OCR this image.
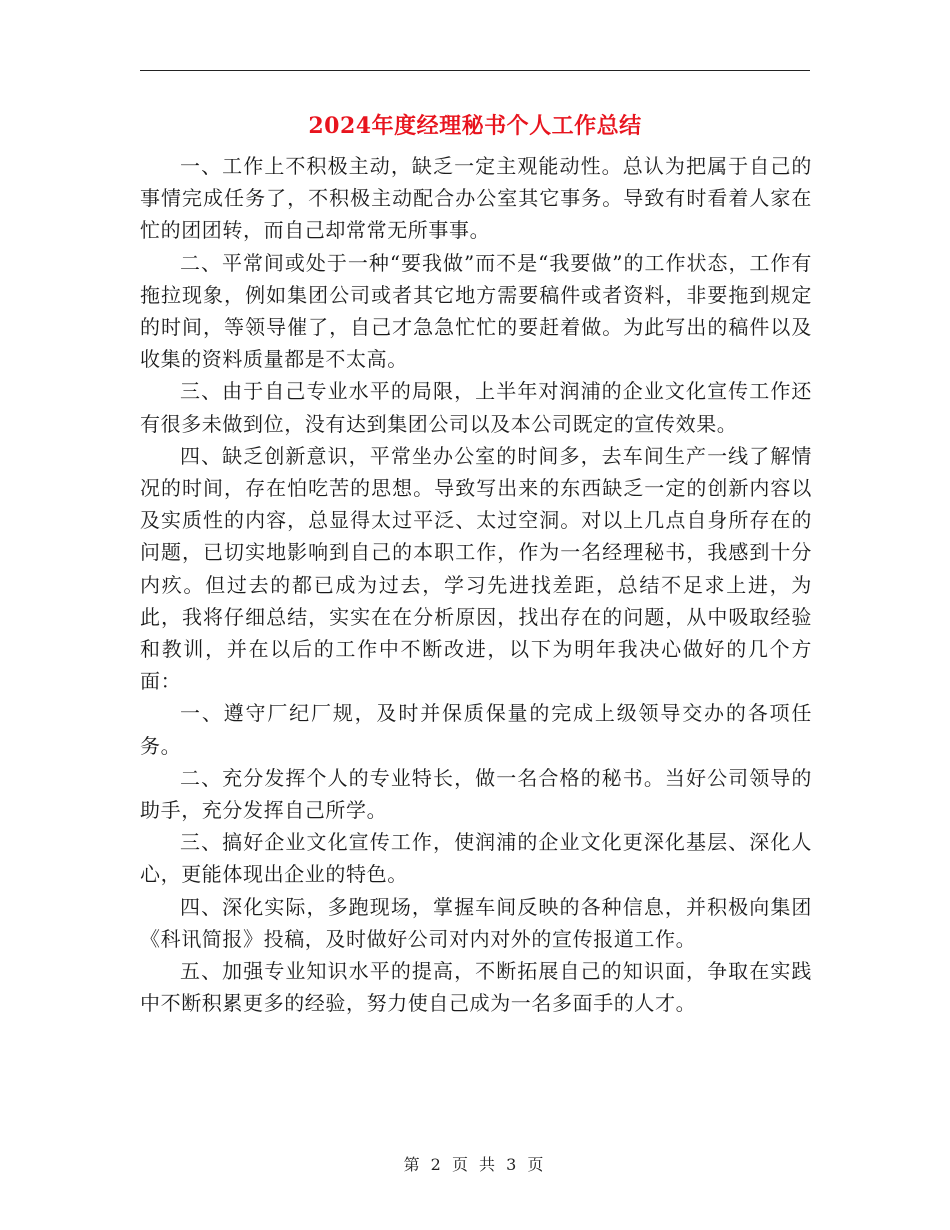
2024年度经理秘书个人工作总结

一、工作上不积极主动，缺乏一定主观能动性。总认为把属于自己的事情完成任务了，不积极主动配合办公室其它事务。导致有时看着人家在忙的团团转，而自己却常常无所事事。

二、平常间或处于一种“要我做”而不是“我要做”的工作状态，工作有拖拉现象，例如集团公司或者其它地方需要稿件或者资料，非要拖到规定的时间，等领导催了，自己才急急忙忙的要赶着做。为此写出的稿件以及收集的资料质量都是不太高。

三、由于自己专业水平的局限，上半年对润浦的企业文化宣传工作还有很多未做到位，没有达到集团公司以及本公司既定的宣传效果。

四、缺乏创新意识，平常坐办公室的时间多，去车间生产一线了解情况的时间，存在怕吃苦的思想。导致写出来的东西缺乏一定的创新内容以及实质性的内容，总显得太过平泛、太过空洞。对以上几点自身所存在的问题，已切实地影响到自己的本职工作，作为一名经理秘书，我感到十分内疚。但过去的都已成为过去，学习先进找差距，总结不足求上进，为此，我将仔细总结，实实在在分析原因，找出存在的问题，从中吸取经验和教训，并在以后的工作中不断改进，以下为明年我决心做好的几个方面：

一、遵守厂纪厂规，及时并保质保量的完成上级领导交办的各项任务。

二、充分发挥个人的专业特长，做一名合格的秘书。当好公司领导的助手，充分发挥自己所学。

三、搞好企业文化宣传工作，使润浦的企业文化更深化基层、深化人心，更能体现出企业的特色。

四、深化实际，多跑现场，掌握车间反映的各种信息，并积极向集团《科讯简报》投稿，及时做好公司对内对外的宣传报道工作。

五、加强专业知识水平的提高，不断拓展自己的知识面，争取在实践中不断积累更多的经验，努力使自己成为一名多面手的人才。

第 2 页 共 3 页
